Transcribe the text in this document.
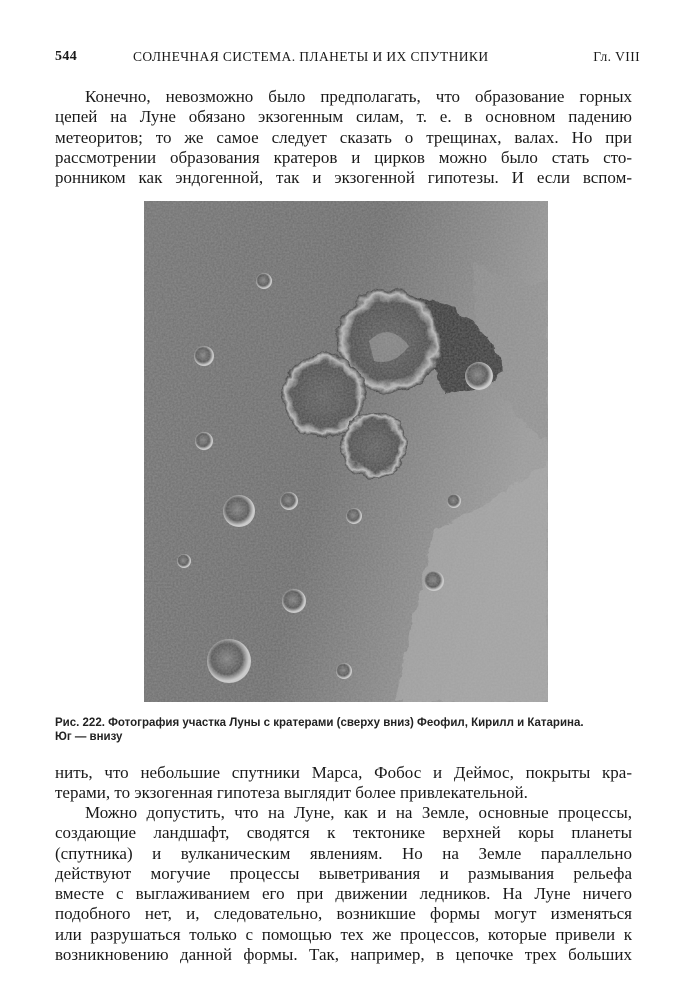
544	СОЛНЕЧНАЯ СИСТЕМА. ПЛАНЕТЫ И ИХ СПУТНИКИ	Гл. VIII
Конечно, невозможно было предполагать, что образование горных
цепей на Луне обязано экзогенным силам, т. е. в основном падению
метеоритов; то же самое следует сказать о трещинах, валах. Но при
рассмотрении образования кратеров и цирков можно было стать сто-
ронником как эндогенной, так и экзогенной гипотезы. И если вспом-
Рис. 222. Фотография участка Луны с кратерами (сверху вниз) Феофил, Кирилл и Катарина.
Юг — внизу
нить, что небольшие спутники Марса, Фобос и Деймос, покрыты кра-
терами, то экзогенная гипотеза выглядит более привлекательной.
Можно допустить, что на Луне, как и на Земле, основные процессы,
создающие ландшафт, сводятся к тектонике верхней коры планеты
(спутника) и вулканическим явлениям. Но на Земле параллельно
действуют могучие процессы выветривания и размывания рельефа
вместе с выглаживанием его при движении ледников. На Луне ничего
подобного нет, и, следовательно, возникшие формы могут изменяться
или разрушаться только с помощью тех же процессов, которые привели к
возникновению данной формы. Так, например, в цепочке трех больших
